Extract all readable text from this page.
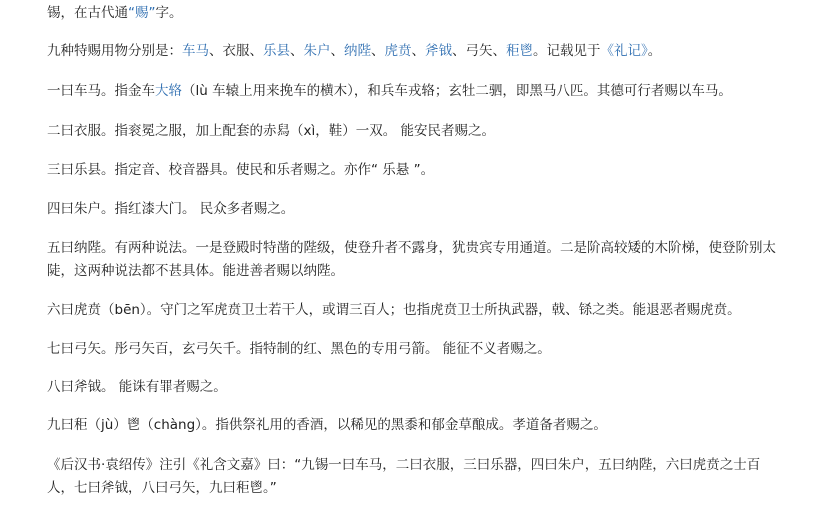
锡，在古代通“赐”字。
九种特赐用物分别是：车马、衣服、乐县、朱户、纳陛、虎贲、斧钺、弓矢、秬鬯。记载见于《礼记》。
一曰车马。指金车大辂（lù 车辕上用来挽车的横木），和兵车戎辂；玄牡二驷，即黑马八匹。其德可行者赐以车马。
二曰衣服。指衮冕之服，加上配套的赤舄（xì，鞋）一双。 能安民者赐之。
三曰乐县。指定音、校音器具。使民和乐者赐之。亦作“ 乐悬 ”。
四曰朱户。指红漆大门。 民众多者赐之。
五曰纳陛。有两种说法。一是登殿时特凿的陛级，使登升者不露身，犹贵宾专用通道。二是阶高较矮的木阶梯，使登阶别太
陡，这两种说法都不甚具体。能进善者赐以纳陛。
六曰虎贲（bēn）。守门之军虎贲卫士若干人，或谓三百人；也指虎贲卫士所执武器，戟、铩之类。能退恶者赐虎贲。
七曰弓矢。彤弓矢百，玄弓矢千。指特制的红、黑色的专用弓箭。 能征不义者赐之。
八曰斧钺。 能诛有罪者赐之。
九曰秬（jù）鬯（chàng）。指供祭礼用的香酒，以稀见的黑黍和郁金草酿成。孝道备者赐之。
《后汉书·袁绍传》注引《礼含文嘉》曰：“九锡一曰车马，二曰衣服，三曰乐器，四曰朱户，五曰纳陛，六曰虎贲之士百
人，七曰斧钺，八曰弓矢，九曰秬鬯。”
